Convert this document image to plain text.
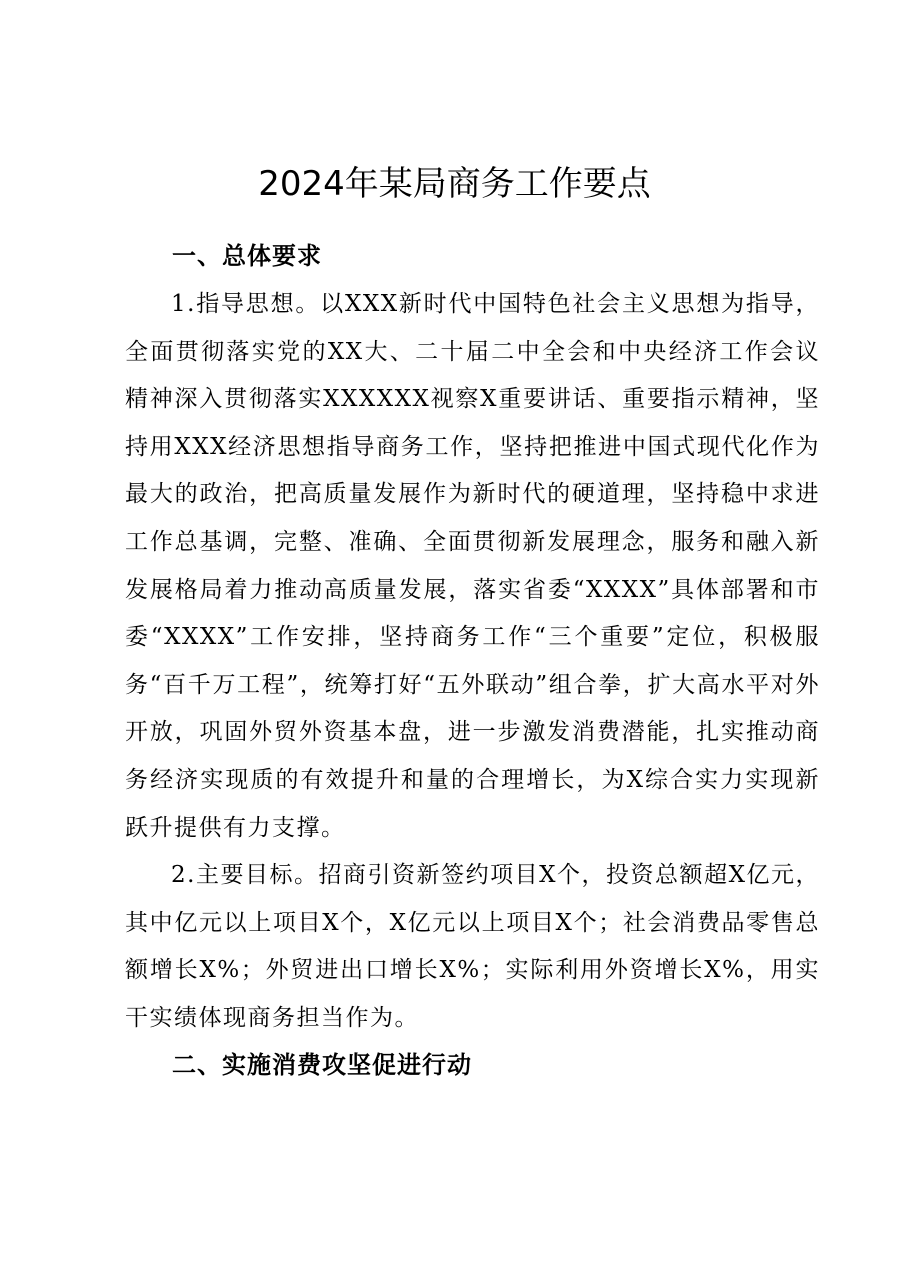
2024年某局商务工作要点
一、总体要求
1.指导思想。以XXX新时代中国特色社会主义思想为指导，全面贯彻落实党的XX大、二十届二中全会和中央经济工作会议精神深入贯彻落实XXXXXX视察X重要讲话、重要指示精神，坚持用XXX经济思想指导商务工作，坚持把推进中国式现代化作为最大的政治，把高质量发展作为新时代的硬道理，坚持稳中求进工作总基调，完整、准确、全面贯彻新发展理念，服务和融入新发展格局着力推动高质量发展，落实省委“XXXX”具体部署和市委“XXXX”工作安排，坚持商务工作“三个重要”定位，积极服务“百千万工程”，统筹打好“五外联动”组合拳，扩大高水平对外开放，巩固外贸外资基本盘，进一步激发消费潜能，扎实推动商务经济实现质的有效提升和量的合理增长，为X综合实力实现新跃升提供有力支撑。
2.主要目标。招商引资新签约项目X个，投资总额超X亿元，其中亿元以上项目X个，X亿元以上项目X个；社会消费品零售总额增长X%；外贸进出口增长X%；实际利用外资增长X%，用实干实绩体现商务担当作为。
二、实施消费攻坚促进行动
